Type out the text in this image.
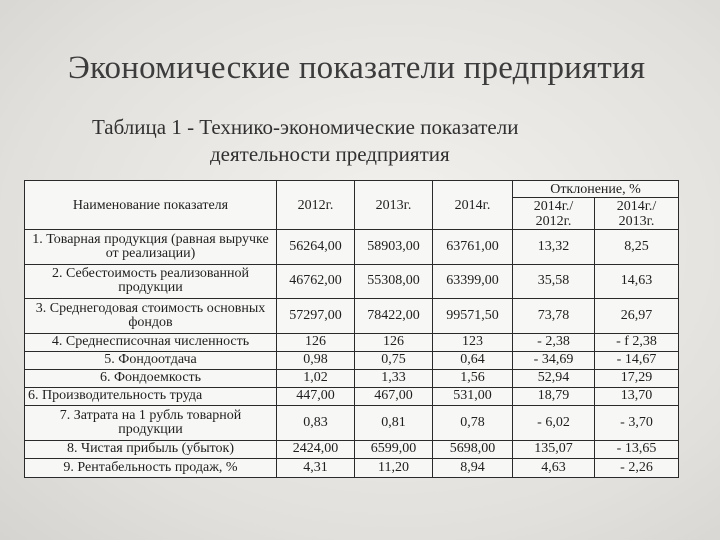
Экономические показатели предприятия
Таблица 1 - Технико-экономические показатели
деятельности предприятия
Наименование показателя	2012г.	2013г.	2014г.	Отклонение, %	
				2014г./ 2012г.	2014г./ 2013г.
1. Товарная продукция (равная выручке от реализации)	56264,00	58903,00	63761,00	13,32	8,25
2. Себестоимость реализованной продукции	46762,00	55308,00	63399,00	35,58	14,63
3. Среднегодовая стоимость основных фондов	57297,00	78422,00	99571,50	73,78	26,97
4. Среднесписочная численность	126	126	123	- 2,38	- f 2,38
5. Фондоотдача	0,98	0,75	0,64	- 34,69	- 14,67
6. Фондоемкость	1,02	1,33	1,56	52,94	17,29
6. Производительность труда	447,00	467,00	531,00	18,79	13,70
7. Затрата на 1 рубль товарной продукции	0,83	0,81	0,78	- 6,02	- 3,70
8. Чистая прибыль (убыток)	2424,00	6599,00	5698,00	135,07	- 13,65
9. Рентабельность продаж, %	4,31	11,20	8,94	4,63	- 2,26
